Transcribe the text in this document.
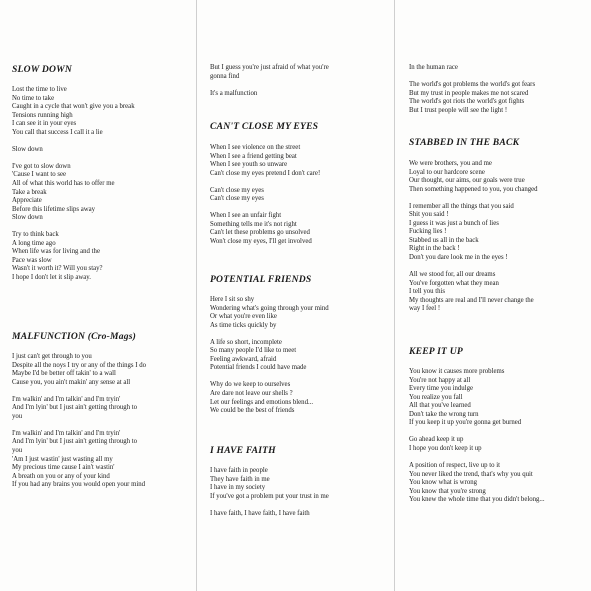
SLOW DOWN
Lost the time to live
No time to take
Caught in a cycle that won't give you a break
Tensions running high
I can see it in your eyes
You call that success I call it a lie
Slow down
I've got to slow down
'Cause I want to see
All of what this world has to offer me
Take a break
Appreciate
Before this lifetime slips away
Slow down
Try to think back
A long time ago
When life was for living and the
Pace was slow
Wasn't it worth it? Will you stay?
I hope I don't let it slip away.
MALFUNCTION (Cro-Mags)
I just can't get through to you
Despite all the noys I try or any of the things I do
Maybe I'd be better off takin' to a wall
Cause you, you ain't makin' any sense at all
I'm walkin' and I'm talkin' and I'm tryin'
And I'm lyin' but I just ain't getting through to
you
I'm walkin' and I'm talkin' and I'm tryin'
And I'm lyin' but I just ain't getting through to
you
'Am I just wastin' just wasting all my
My precious time cause I ain't wastin'
A breath on you or any of your kind
If you had any brains you would open your mind
But I guess you're just afraid of what you're
gonna find
It's a malfunction
CAN'T CLOSE MY EYES
When I see violence on the street
When I see a friend getting beat
When I see youth so unware
Can't close my eyes pretend I don't care!
Can't close my eyes
Can't close my eyes
When I see an unfair fight
Something tells me it's not right
Can't let these problems go unsolved
Won't close my eyes, I'll get involved
POTENTIAL FRIENDS
Here I sit so shy
Wondering what's going through your mind
Or what you're even like
As time ticks quickly by
A life so short, incomplete
So many people I'd like to meet
Feeling awkward, afraid
Potential friends I could have made
Why do we keep to ourselves
Are dare not leave our shells ?
Let our feelings and emotions blend...
We could be the best of friends
I HAVE FAITH
I have faith in people
They have faith in me
I have in my society
If you've got a problem put your trust in me
I have faith, I have faith, I have faith
In the human race
The world's got problems the world's got fears
But my trust in people makes me not scared
The world's got riots the world's got fights
But I trust people will see the light !
STABBED IN THE BACK
We were brothers, you and me
Loyal to our hardcore scene
Our thought, our aims, our goals were true
Then something happened to you, you changed
I remember all the things that you said
Shit you said !
I guess it was just a bunch of lies
Fucking lies !
Stabbed us all in the back
Right in the back !
Don't you dare look me in the eyes !
All we stood for, all our dreams
You've forgotten what they mean
I tell you this
My thoughts are real and I'll never change the
way I feel !
KEEP IT UP
You know it causes more problems
You're not happy at all
Every time you indulge
You realize you fall
All that you've learned
Don't take the wrong turn
If you keep it up you're gonna get burned
Go ahead keep it up
I hope you don't keep it up
A position of respect, live up to it
You never liked the trend, that's why you quit
You know what is wrong
You know that you're strong
You knew the whole time that you didn't belong...
